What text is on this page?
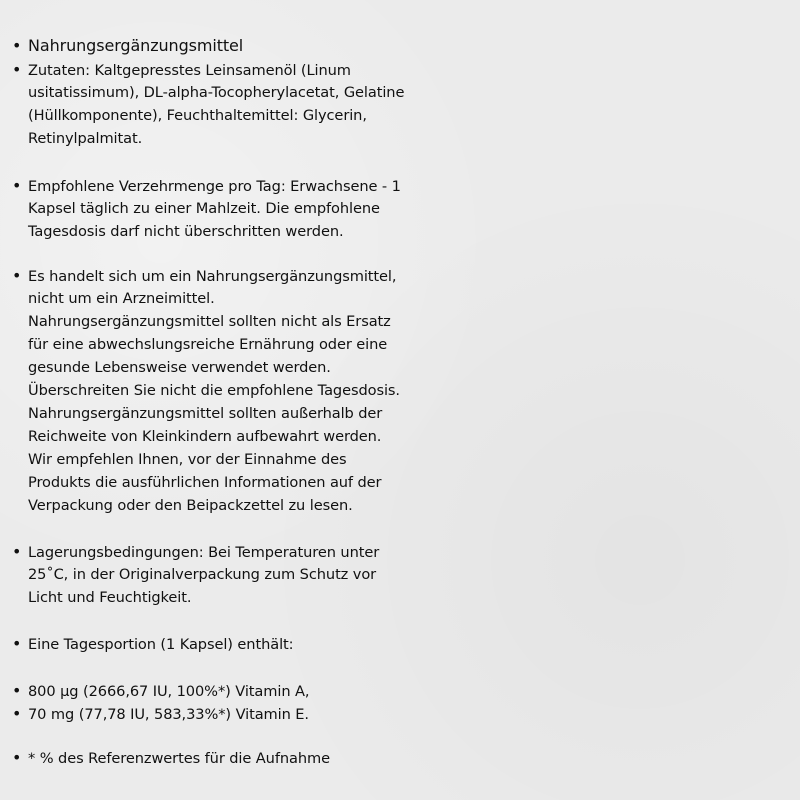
• Nahrungsergänzungsmittel
• Zutaten: Kaltgepresstes Leinsamenöl (Linum
usitatissimum), DL-alpha-Tocopherylacetat, Gelatine
(Hüllkomponente), Feuchthaltemittel: Glycerin,
Retinylpalmitat.
• Empfohlene Verzehrmenge pro Tag: Erwachsene - 1
Kapsel täglich zu einer Mahlzeit. Die empfohlene
Tagesdosis darf nicht überschritten werden.
• Es handelt sich um ein Nahrungsergänzungsmittel,
nicht um ein Arzneimittel.
Nahrungsergänzungsmittel sollten nicht als Ersatz
für eine abwechslungsreiche Ernährung oder eine
gesunde Lebensweise verwendet werden.
Überschreiten Sie nicht die empfohlene Tagesdosis.
Nahrungsergänzungsmittel sollten außerhalb der
Reichweite von Kleinkindern aufbewahrt werden.
Wir empfehlen Ihnen, vor der Einnahme des
Produkts die ausführlichen Informationen auf der
Verpackung oder den Beipackzettel zu lesen.
• Lagerungsbedingungen: Bei Temperaturen unter
25˚C, in der Originalverpackung zum Schutz vor
Licht und Feuchtigkeit.
• Eine Tagesportion (1 Kapsel) enthält:
• 800 µg (2666,67 IU, 100%*) Vitamin A,
• 70 mg (77,78 IU, 583,33%*) Vitamin E.
• * % des Referenzwertes für die Aufnahme
